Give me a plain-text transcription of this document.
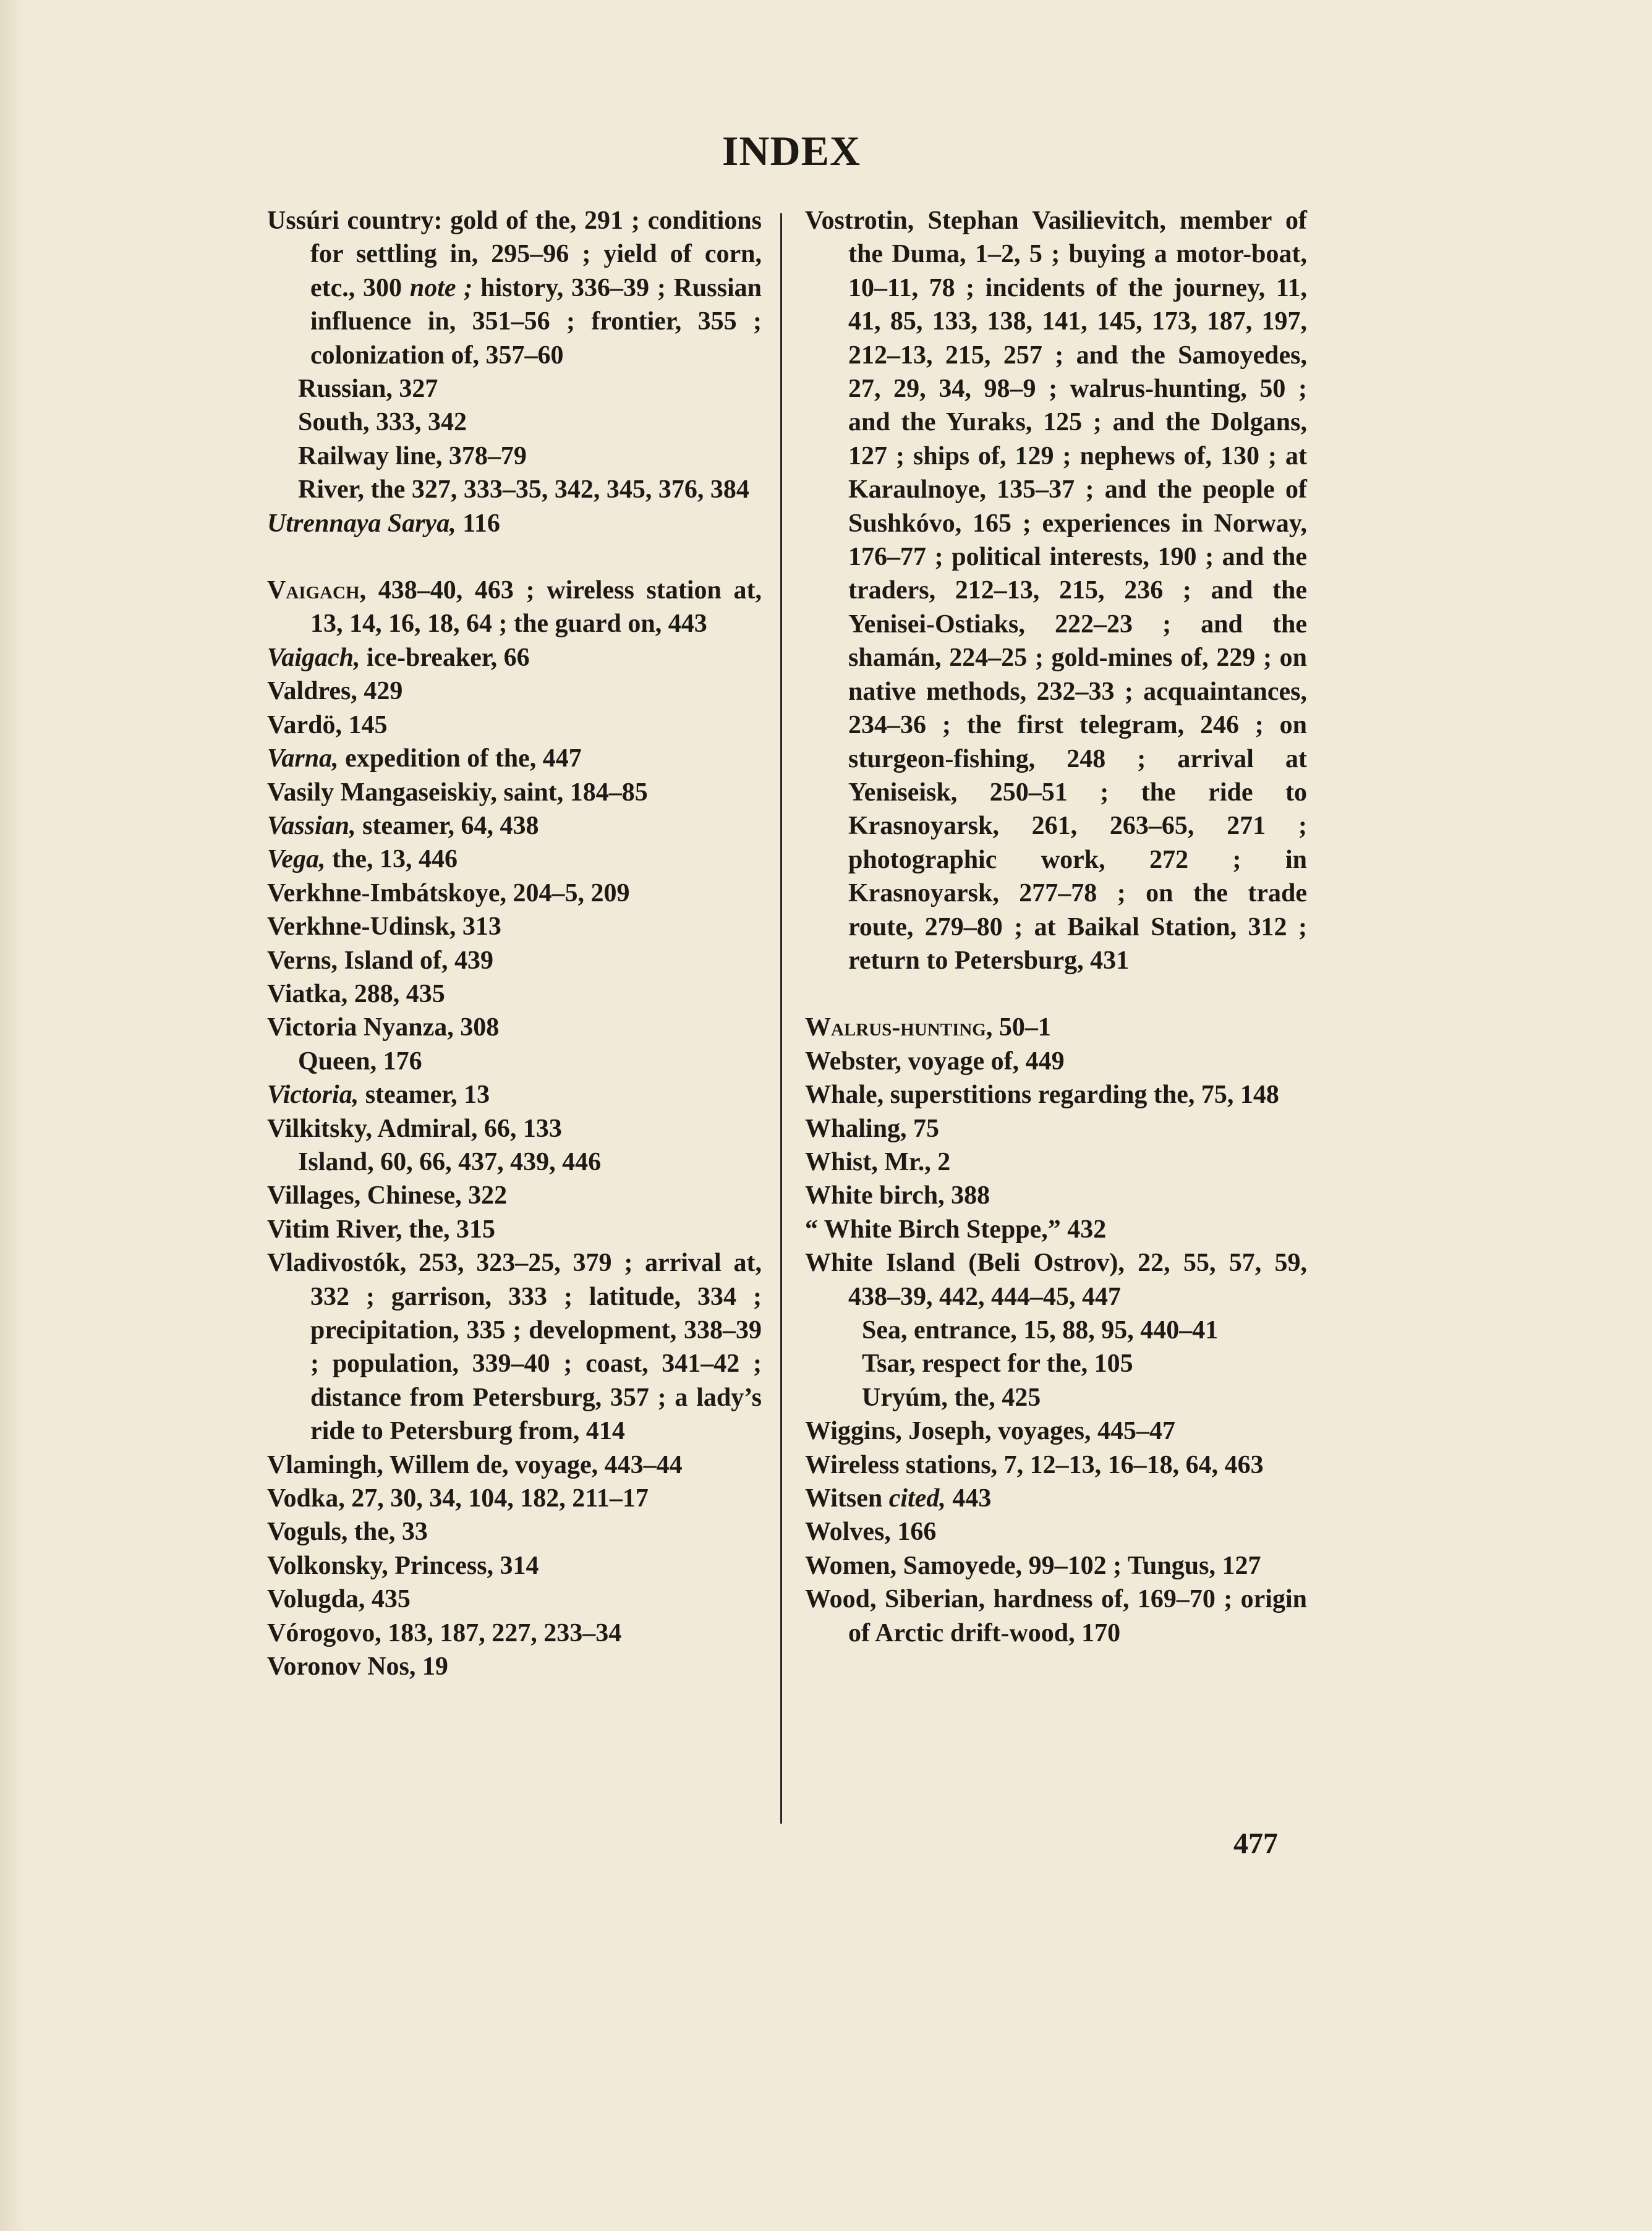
INDEX
Ussúri country: gold of the, 291 ; conditions for settling in, 295–96 ; yield of corn, etc., 300 note ; history, 336–39 ; Russian influence in, 351–56 ; frontier, 355 ; colonization of, 357–60
Russian, 327
South, 333, 342
Railway line, 378–79
River, the 327, 333–35, 342, 345, 376, 384
Utrennaya Sarya, 116
Vaigach, 438–40, 463 ; wireless station at, 13, 14, 16, 18, 64 ; the guard on, 443
Vaigach, ice-breaker, 66
Valdres, 429
Vardö, 145
Varna, expedition of the, 447
Vasily Mangaseiskiy, saint, 184–85
Vassian, steamer, 64, 438
Vega, the, 13, 446
Verkhne-Imbátskoye, 204–5, 209
Verkhne-Udinsk, 313
Verns, Island of, 439
Viatka, 288, 435
Victoria Nyanza, 308
Queen, 176
Victoria, steamer, 13
Vilkitsky, Admiral, 66, 133
Island, 60, 66, 437, 439, 446
Villages, Chinese, 322
Vitim River, the, 315
Vladivostók, 253, 323–25, 379 ; arrival at, 332 ; garrison, 333 ; latitude, 334 ; precipitation, 335 ; development, 338–39 ; population, 339–40 ; coast, 341–42 ; distance from Petersburg, 357 ; a lady’s ride to Petersburg from, 414
Vlamingh, Willem de, voyage, 443–44
Vodka, 27, 30, 34, 104, 182, 211–17
Voguls, the, 33
Volkonsky, Princess, 314
Volugda, 435
Vórogovo, 183, 187, 227, 233–34
Voronov Nos, 19
Vostrotin, Stephan Vasilievitch, member of the Duma, 1–2, 5 ; buying a motor-boat, 10–11, 78 ; incidents of the journey, 11, 41, 85, 133, 138, 141, 145, 173, 187, 197, 212–13, 215, 257 ; and the Samoyedes, 27, 29, 34, 98–9 ; walrus-hunting, 50 ; and the Yuraks, 125 ; and the Dolgans, 127 ; ships of, 129 ; nephews of, 130 ; at Karaulnoye, 135–37 ; and the people of Sushkóvo, 165 ; experiences in Norway, 176–77 ; political interests, 190 ; and the traders, 212–13, 215, 236 ; and the Yenisei-Ostiaks, 222–23 ; and the shamán, 224–25 ; gold-mines of, 229 ; on native methods, 232–33 ; acquaintances, 234–36 ; the first telegram, 246 ; on sturgeon-fishing, 248 ; arrival at Yeniseisk, 250–51 ; the ride to Krasnoyarsk, 261, 263–65, 271 ; photographic work, 272 ; in Krasnoyarsk, 277–78 ; on the trade route, 279–80 ; at Baikal Station, 312 ; return to Petersburg, 431
Walrus-hunting, 50–1
Webster, voyage of, 449
Whale, superstitions regarding the, 75, 148
Whaling, 75
Whist, Mr., 2
White birch, 388
“ White Birch Steppe,” 432
White Island (Beli Ostrov), 22, 55, 57, 59, 438–39, 442, 444–45, 447
Sea, entrance, 15, 88, 95, 440–41
Tsar, respect for the, 105
Uryúm, the, 425
Wiggins, Joseph, voyages, 445–47
Wireless stations, 7, 12–13, 16–18, 64, 463
Witsen cited, 443
Wolves, 166
Women, Samoyede, 99–102 ; Tungus, 127
Wood, Siberian, hardness of, 169–70 ; origin of Arctic drift-wood, 170
477
